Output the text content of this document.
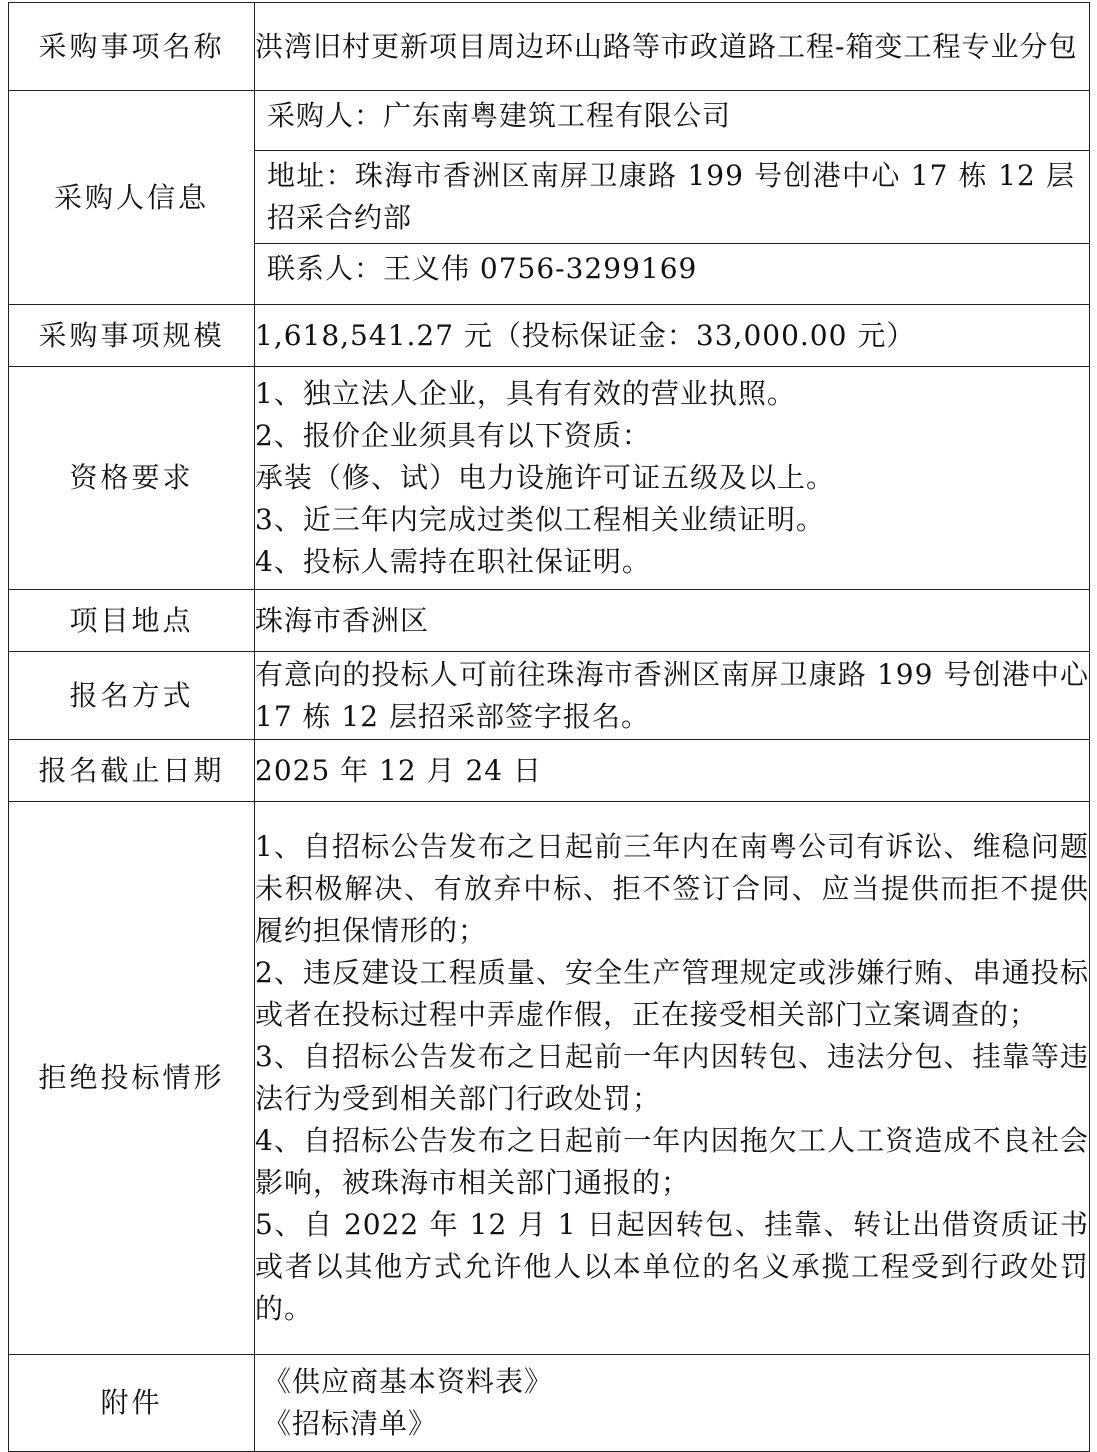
采购事项名称	洪湾旧村更新项目周边环山路等市政道路工程-箱变工程专业分包

采购人信息	采购人：广东南粤建筑工程有限公司
地址：珠海市香洲区南屏卫康路 199 号创港中心 17 栋 12 层招采合约部
联系人：王义伟 0756-3299169

采购事项规模	1,618,541.27 元（投标保证金：33,000.00 元）

资格要求	1、独立法人企业，具有有效的营业执照。
2、报价企业须具有以下资质：
承装（修、试）电力设施许可证五级及以上。
3、近三年内完成过类似工程相关业绩证明。
4、投标人需持在职社保证明。

项目地点	珠海市香洲区

报名方式	有意向的投标人可前往珠海市香洲区南屏卫康路 199 号创港中心 17 栋 12 层招采部签字报名。

报名截止日期	2025 年 12 月 24 日

拒绝投标情形	1、自招标公告发布之日起前三年内在南粤公司有诉讼、维稳问题未积极解决、有放弃中标、拒不签订合同、应当提供而拒不提供履约担保情形的；
2、违反建设工程质量、安全生产管理规定或涉嫌行贿、串通投标或者在投标过程中弄虚作假，正在接受相关部门立案调查的；
3、自招标公告发布之日起前一年内因转包、违法分包、挂靠等违法行为受到相关部门行政处罚；
4、自招标公告发布之日起前一年内因拖欠工人工资造成不良社会影响，被珠海市相关部门通报的；
5、自 2022 年 12 月 1 日起因转包、挂靠、转让出借资质证书或者以其他方式允许他人以本单位的名义承揽工程受到行政处罚的。

附件	《供应商基本资料表》
《招标清单》
